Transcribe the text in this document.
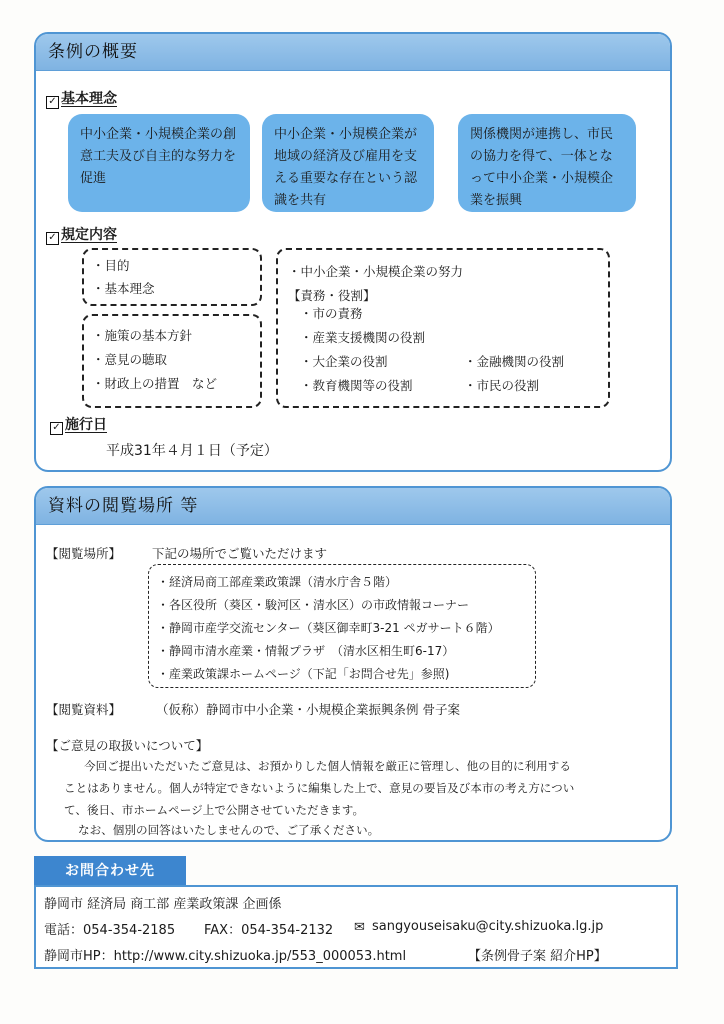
条例の概要
✓ 基本理念
中小企業・小規模企業の創意工夫及び自主的な努力を促進
中小企業・小規模企業が地域の経済及び雇用を支える重要な存在という認識を共有
関係機関が連携し、市民の協力を得て、一体となって中小企業・小規模企業を振興
✓ 規定内容
・目的
・基本理念
・施策の基本方針
・意見の聴取
・財政上の措置　など
・中小企業・小規模企業の努力
【責務・役割】
・市の責務
・産業支援機関の役割
・大企業の役割
・教育機関等の役割
・金融機関の役割
・市民の役割
✓ 施行日
平成31年４月１日（予定）
資料の閲覧場所 等
【閲覧場所】 下記の場所でご覧いただけます
・経済局商工部産業政策課（清水庁舎５階）
・各区役所（葵区・駿河区・清水区）の市政情報コーナー
・静岡市産学交流センター（葵区御幸町3-21 ペガサート６階）
・静岡市清水産業・情報プラザ　（清水区相生町6-17）
・産業政策課ホームページ（下記「お問合せ先」参照)
【閲覧資料】	（仮称）静岡市中小企業・小規模企業振興条例 骨子案
【ご意見の取扱いについて】
今回ご提出いただいたご意見は、お預かりした個人情報を厳正に管理し、他の目的に利用する
ことはありません。個人が特定できないように編集した上で、意見の要旨及び本市の考え方につい
て、後日、市ホームページ上で公開させていただきます。
なお、個別の回答はいたしませんので、ご了承ください。
お問合わせ先
静岡市 経済局 商工部 産業政策課 企画係
電話：054-354-2185 FAX：054-354-2132 ✉ sangyouseisaku@city.shizuoka.lg.jp
静岡市HP：http://www.city.shizuoka.jp/553_000053.html	【条例骨子案 紹介HP】
